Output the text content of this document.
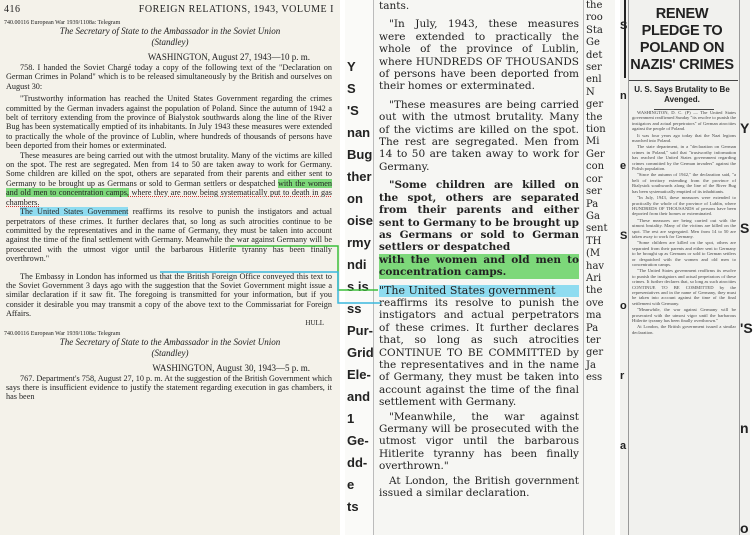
416	FOREIGN RELATIONS, 1943, VOLUME I
740.00116 European War 1939/1108a: Telegram
The Secretary of State to the Ambassador in the Soviet Union
(Standley)
WASHINGTON, August 27, 1943—10 p. m.

758. I handed the Soviet Chargé today a copy of the following text of the "Declaration on German Crimes in Poland" which is to be released simultaneously by the British and ourselves on August 30:

"Trustworthy information has reached the United States Government regarding the crimes committed by the German invaders against the population of Poland. Since the autumn of 1942 a belt of territory extending from the province of Bialystok southwards along the line of the River Bug has been systematically emptied of its inhabitants. In July 1943 these measures were extended to practically the whole of the province of Lublin, where hundreds of thousands of persons have been deported from their homes or exterminated.

These measures are being carried out with the utmost brutality. Many of the victims are killed on the spot. The rest are segregated. Men from 14 to 50 are taken away to work for Germany. Some children are killed on the spot, others are separated from their parents and either sent to Germany to be brought up as Germans or sold to German settlers or despatched with the women and old men to concentration camps, where they are now being systematically put to death in gas chambers.

The United States Government reaffirms its resolve to punish the instigators and actual perpetrators of these crimes. It further declares that, so long as such atrocities continue to be committed by the representatives and in the name of Germany, they must be taken into account against the time of the final settlement with Germany. Meanwhile the war against Germany will be prosecuted with the utmost vigor until the barbarous Hitlerite tyranny has been finally overthrown."

The Embassy in London has informed us that the British Foreign Office conveyed this text to the Soviet Government 3 days ago with the suggestion that the Soviet Government might issue a similar declaration if it saw fit. The foregoing is transmitted for your information, but if you consider it desirable you may transmit a copy of the above text to the Commissariat for Foreign Affairs.

HULL
740.00116 European War 1939/1108a: Telegram
The Secretary of State to the Ambassador in the Soviet Union
(Standley)
WASHINGTON, August 30, 1943—5 p. m.

767. Department's 758, August 27, 10 p. m. At the suggestion of the British Government which says there is insufficient evidence to justify the statement regarding execution in gas chambers, it has been

Y
S
'S
nan
Bug
ther
on
oise
rmy
ndi
s is
ss
Pur-
Grid
Ele-
and
1
Ge-
dd-
e
ts

tants.

"In July, 1943, these measures were extended to practically the whole of the province of Lublin, where HUNDREDS OF THOUSANDS of persons have been deported from their homes or exterminated.

"These measures are being carried out with the utmost brutality. Many of the victims are killed on the spot. The rest are segregated. Men from 14 to 50 are taken away to work for Germany.

"Some children are killed on the spot, others are separated from their parents and either sent to Germany to be brought up as Germans or sold to German settlers or despatched

with the women and old men to concentration camps.

"The United States government

reaffirms its resolve to punish the instigators and actual perpetrators of these crimes. It further declares that, so long as such atrocities CONTINUE TO BE COMMITTED by the representatives and in the name of Germany, they must be taken into account against the time of the final settlement with Germany.

"Meanwhile, the war against Germany will be prosecuted with the utmost vigor until the barbarous Hitlerite tyranny has been finally overthrown."

At London, the British government issued a similar declaration.

the
roo
Sta
Ge
det
ser
enl
N
ger
the
tion
Mi
Ger
con
cor
ser
Pa
Ga
sent
TH
(M
hav
Ari
the
ove
ma
Pa
ter
ger
Ja
ess
S
n
e
S
o
r
a
RENEW PLEDGE TO POLAND ON NAZIS' CRIMES
U. S. Says Brutality to Be Avenged.

WASHINGTON, D. C. (P) — The United States government reaffirmed Sunday "its resolve to punish the instigators and actual perpetrators" of German atrocities against the people of Poland.

It was four years ago today that the Nazi legions marched into Poland.

The state department, in a "declaration on German crimes in Poland," said that "trustworthy information has reached the United States government regarding crimes committed by the German invaders" against the Polish population.

"Since the autumn of 1942," the declaration said, "a belt of territory extending from the province of Bialystok southwards along the line of the River Bug has been systematically emptied of its inhabitants.

"In July, 1943, these measures were extended to practically the whole of the province of Lublin, where HUNDREDS OF THOUSANDS of persons have been deported from their homes or exterminated.

"These measures are being carried out with the utmost brutality. Many of the victims are killed on the spot. The rest are segregated. Men from 14 to 50 are taken away to work for Germany.

"Some children are killed on the spot, others are separated from their parents and either sent to Germany to be brought up as Germans or sold to German settlers or despatched with the women and old men to concentration camps.

"The United States government reaffirms its resolve to punish the instigators and actual perpetrators of these crimes. It further declares that, so long as such atrocities CONTINUE TO BE COMMITTED by the representatives and in the name of Germany, they must be taken into account against the time of the final settlement with Germany.

"Meanwhile, the war against Germany will be prosecuted with the utmost vigor until the barbarous Hitlerite tyranny has been finally overthrown."

At London, the British government issued a similar declaration.

Y
S
'S
n
o
